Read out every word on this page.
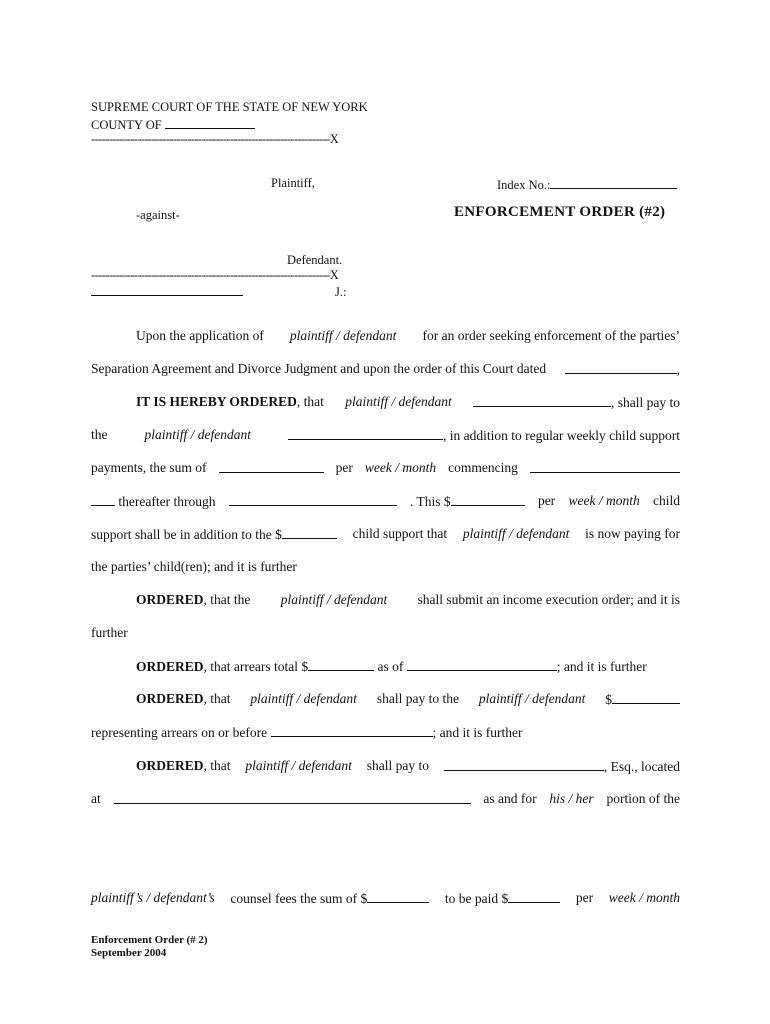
SUPREME COURT OF THE STATE OF NEW YORK
COUNTY OF
-------------------------------------------------------------------X
Plaintiff,	Index No.:
-against-	ENFORCEMENT ORDER (#2)
Defendant.
-------------------------------------------------------------------X
J.:
Upon the application of plaintiff / defendant for an order seeking enforcement of the parties’
Separation Agreement and Divorce Judgment and upon the order of this Court dated	,
IT IS HEREBY ORDERED, that plaintiff / defendant	, shall pay to
the	plaintiff / defendant	, in addition to regular weekly child support
payments, the sum of	per week / month commencing
thereafter through	. This $	per week / month child
support shall be in addition to the $	child support that plaintiff / defendant is now paying for
the parties’ child(ren); and it is further
ORDERED, that the plaintiff / defendant shall submit an income execution order; and it is
further
ORDERED, that arrears total $	as of	; and it is further
ORDERED, that plaintiff / defendant shall pay to the plaintiff / defendant $
representing arrears on or before	; and it is further
ORDERED, that plaintiff / defendant shall pay to	, Esq., located
at	as and for his / her portion of the
plaintiff’s / defendant’s counsel fees the sum of $	to be paid $	per week / month
Enforcement Order (# 2)
September 2004
